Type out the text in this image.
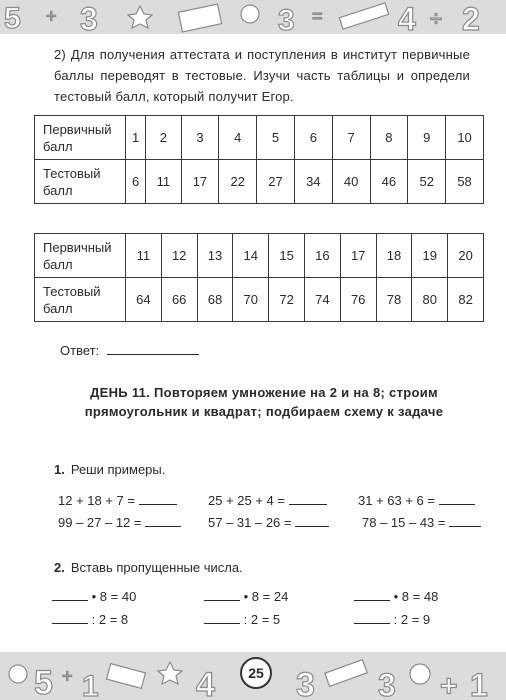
5 + 3	3 = 4 ÷ 2
2) Для получения аттестата и поступления в институт первичные баллы переводят в тестовые. Изучи часть таблицы и определи тестовый балл, который получит Егор.
Первичный балл	1	2	3	4	5	6	7	8	9	10
Тестовый балл	6	11	17	22	27	34	40	46	52	58
Первичный балл	11	12	13	14	15	16	17	18	19	20
Тестовый балл	64	66	68	70	72	74	76	78	80	82
Ответ:
ДЕНЬ 11. Повторяем умножение на 2 и на 8; строим прямоугольник и квадрат; подбираем схему к задаче
1. Реши примеры.
12 + 18 + 7 =	25 + 25 + 4 =	31 + 63 + 6 =
99 – 27 – 12 =	57 – 31 – 26 =	78 – 15 – 43 =
2. Вставь пропущенные числа.
• 8 = 40	• 8 = 24	• 8 = 48
: 2 = 8	: 2 = 5	: 2 = 9
5 + 1	4 3 3 + 1
25
